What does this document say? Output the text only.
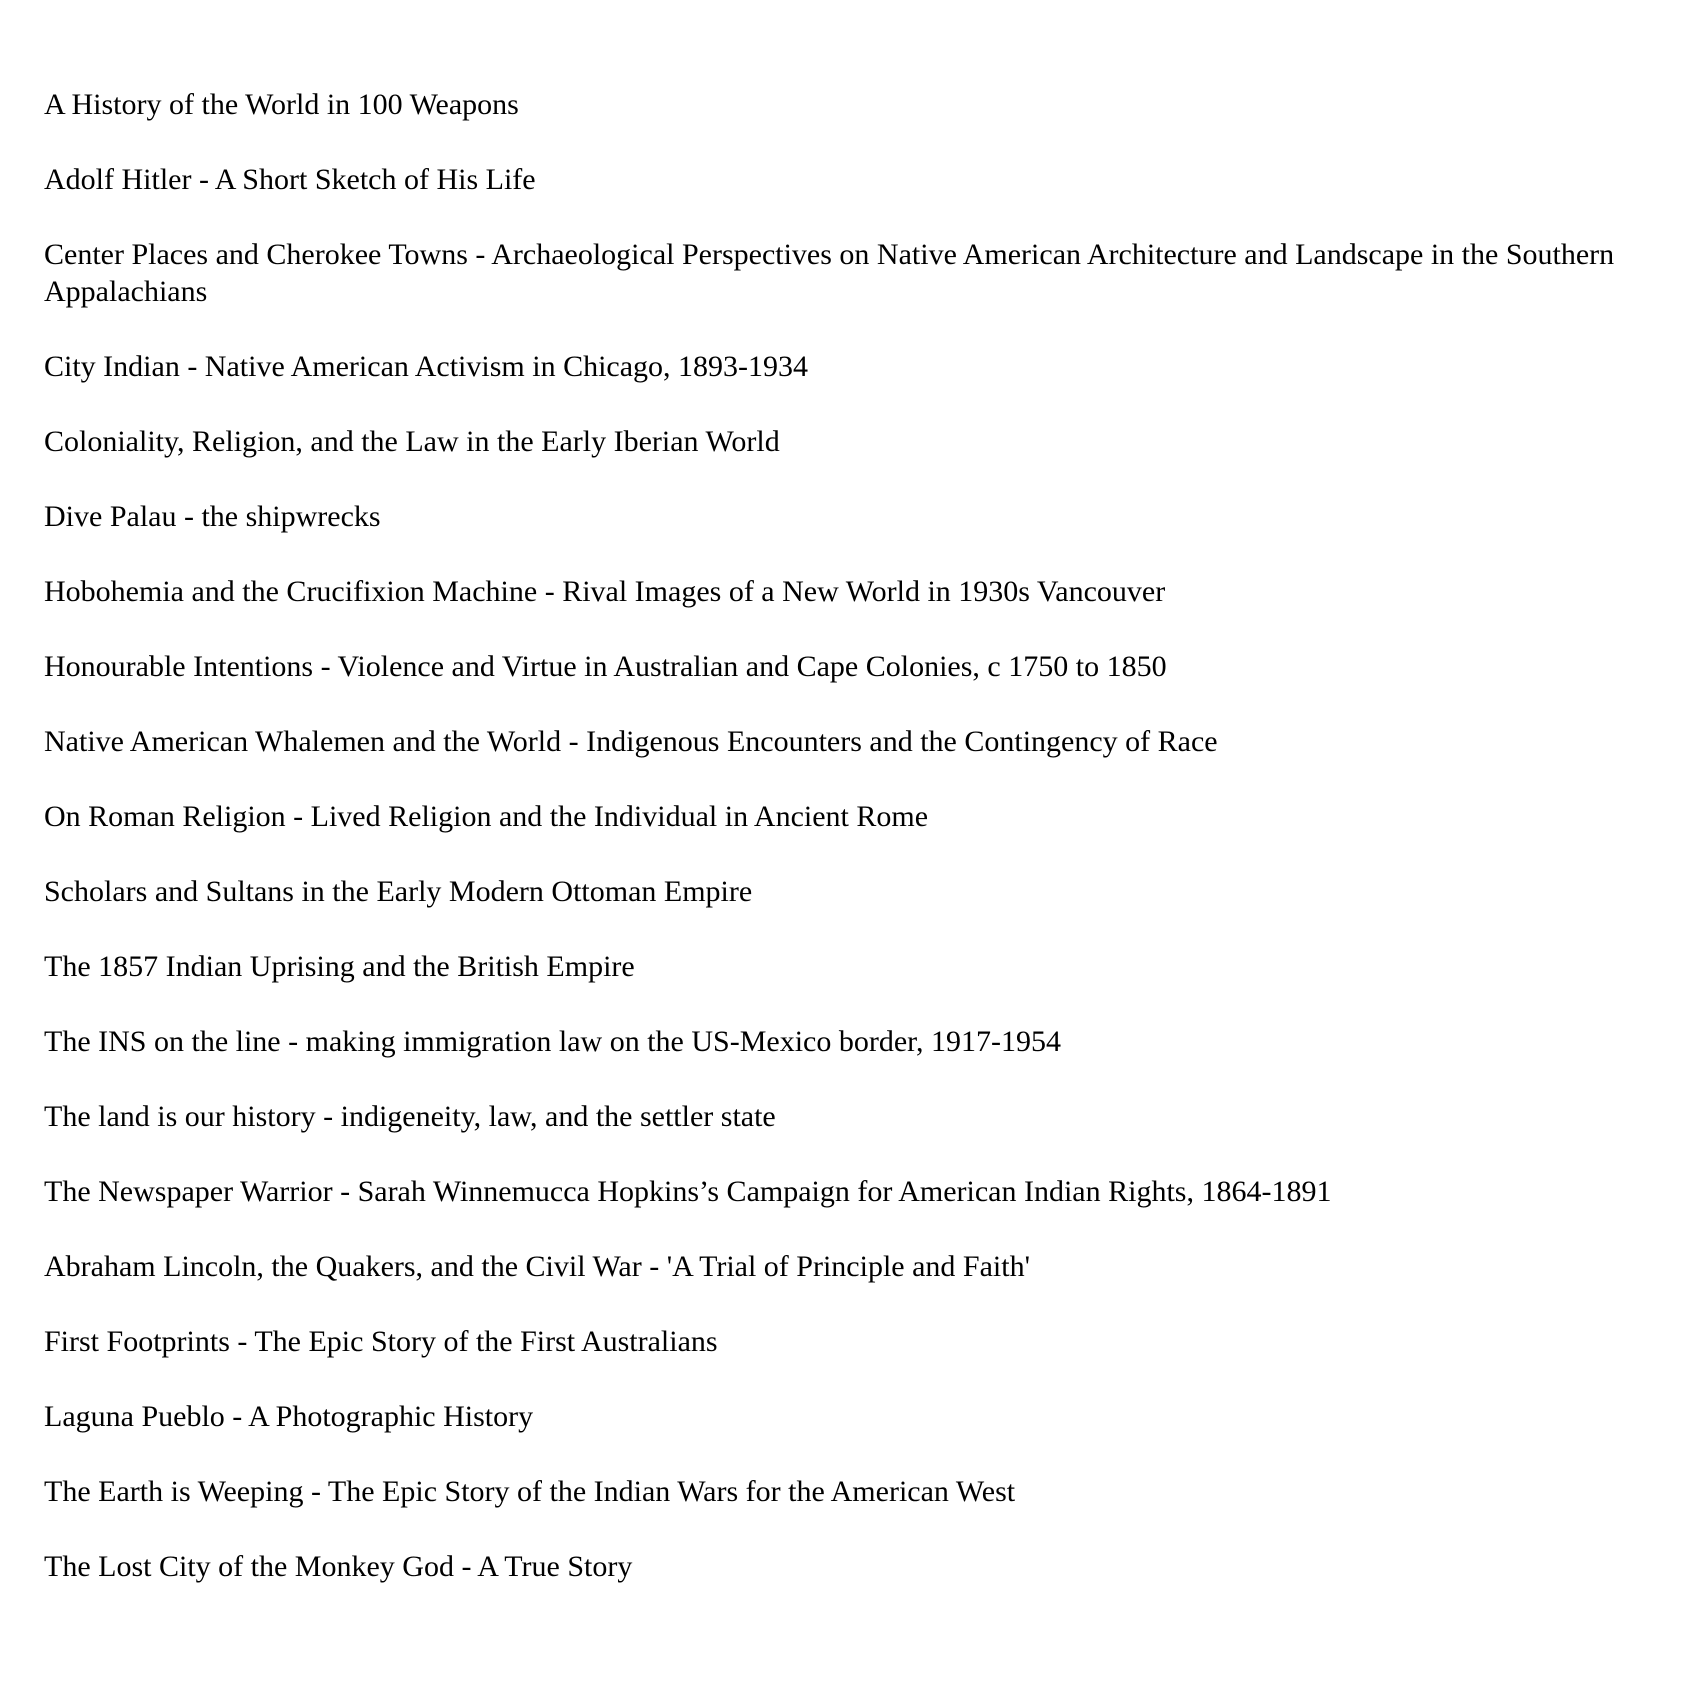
A History of the World in 100 Weapons

Adolf Hitler - A Short Sketch of His Life

Center Places and Cherokee Towns - Archaeological Perspectives on Native American Architecture and Landscape in the Southern Appalachians

City Indian - Native American Activism in Chicago, 1893-1934

Coloniality, Religion, and the Law in the Early Iberian World

Dive Palau - the shipwrecks

Hobohemia and the Crucifixion Machine - Rival Images of a New World in 1930s Vancouver

Honourable Intentions - Violence and Virtue in Australian and Cape Colonies, c 1750 to 1850

Native American Whalemen and the World - Indigenous Encounters and the Contingency of Race

On Roman Religion - Lived Religion and the Individual in Ancient Rome

Scholars and Sultans in the Early Modern Ottoman Empire

The 1857 Indian Uprising and the British Empire

The INS on the line - making immigration law on the US-Mexico border, 1917-1954

The land is our history - indigeneity, law, and the settler state

The Newspaper Warrior - Sarah Winnemucca Hopkins’s Campaign for American Indian Rights, 1864-1891

Abraham Lincoln, the Quakers, and the Civil War - 'A Trial of Principle and Faith'

First Footprints - The Epic Story of the First Australians

Laguna Pueblo - A Photographic History

The Earth is Weeping - The Epic Story of the Indian Wars for the American West

The Lost City of the Monkey God - A True Story
